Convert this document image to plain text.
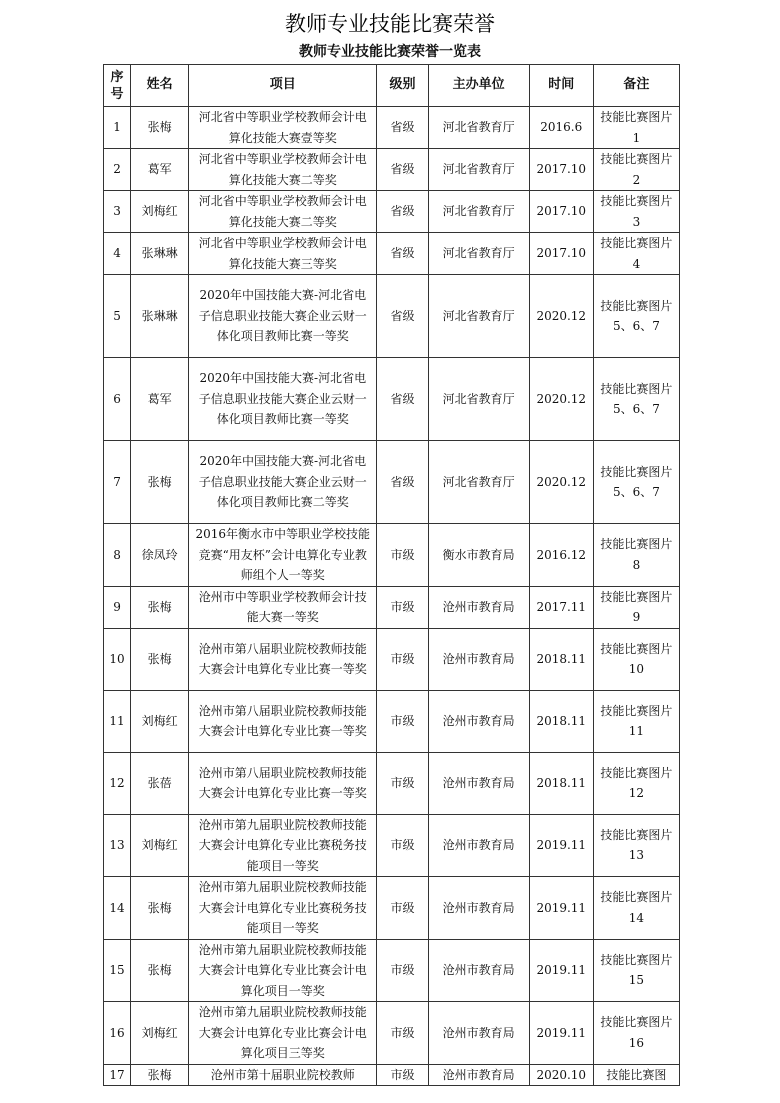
教师专业技能比赛荣誉
教师专业技能比赛荣誉一览表
序号	姓名	项目	级别	主办单位	时间	备注
1	张梅	河北省中等职业学校教师会计电算化技能大赛壹等奖	省级	河北省教育厅	2016.6	技能比赛图片1
2	葛军	河北省中等职业学校教师会计电算化技能大赛二等奖	省级	河北省教育厅	2017.10	技能比赛图片2
3	刘梅红	河北省中等职业学校教师会计电算化技能大赛二等奖	省级	河北省教育厅	2017.10	技能比赛图片3
4	张琳琳	河北省中等职业学校教师会计电算化技能大赛三等奖	省级	河北省教育厅	2017.10	技能比赛图片4
5	张琳琳	2020年中国技能大赛-河北省电子信息职业技能大赛企业云财一体化项目教师比赛一等奖	省级	河北省教育厅	2020.12	技能比赛图片5、6、7
6	葛军	2020年中国技能大赛-河北省电子信息职业技能大赛企业云财一体化项目教师比赛一等奖	省级	河北省教育厅	2020.12	技能比赛图片5、6、7
7	张梅	2020年中国技能大赛-河北省电子信息职业技能大赛企业云财一体化项目教师比赛二等奖	省级	河北省教育厅	2020.12	技能比赛图片5、6、7
8	徐凤玲	2016年衡水市中等职业学校技能竞赛“用友杯”会计电算化专业教师组个人一等奖	市级	衡水市教育局	2016.12	技能比赛图片8
9	张梅	沧州市中等职业学校教师会计技能大赛一等奖	市级	沧州市教育局	2017.11	技能比赛图片9
10	张梅	沧州市第八届职业院校教师技能大赛会计电算化专业比赛一等奖	市级	沧州市教育局	2018.11	技能比赛图片10
11	刘梅红	沧州市第八届职业院校教师技能大赛会计电算化专业比赛一等奖	市级	沧州市教育局	2018.11	技能比赛图片11
12	张蓓	沧州市第八届职业院校教师技能大赛会计电算化专业比赛一等奖	市级	沧州市教育局	2018.11	技能比赛图片12
13	刘梅红	沧州市第九届职业院校教师技能大赛会计电算化专业比赛税务技能项目一等奖	市级	沧州市教育局	2019.11	技能比赛图片13
14	张梅	沧州市第九届职业院校教师技能大赛会计电算化专业比赛税务技能项目一等奖	市级	沧州市教育局	2019.11	技能比赛图片14
15	张梅	沧州市第九届职业院校教师技能大赛会计电算化专业比赛会计电算化项目一等奖	市级	沧州市教育局	2019.11	技能比赛图片15
16	刘梅红	沧州市第九届职业院校教师技能大赛会计电算化专业比赛会计电算化项目三等奖	市级	沧州市教育局	2019.11	技能比赛图片16
17	张梅	沧州市第十届职业院校教师	市级	沧州市教育局	2020.10	技能比赛图
